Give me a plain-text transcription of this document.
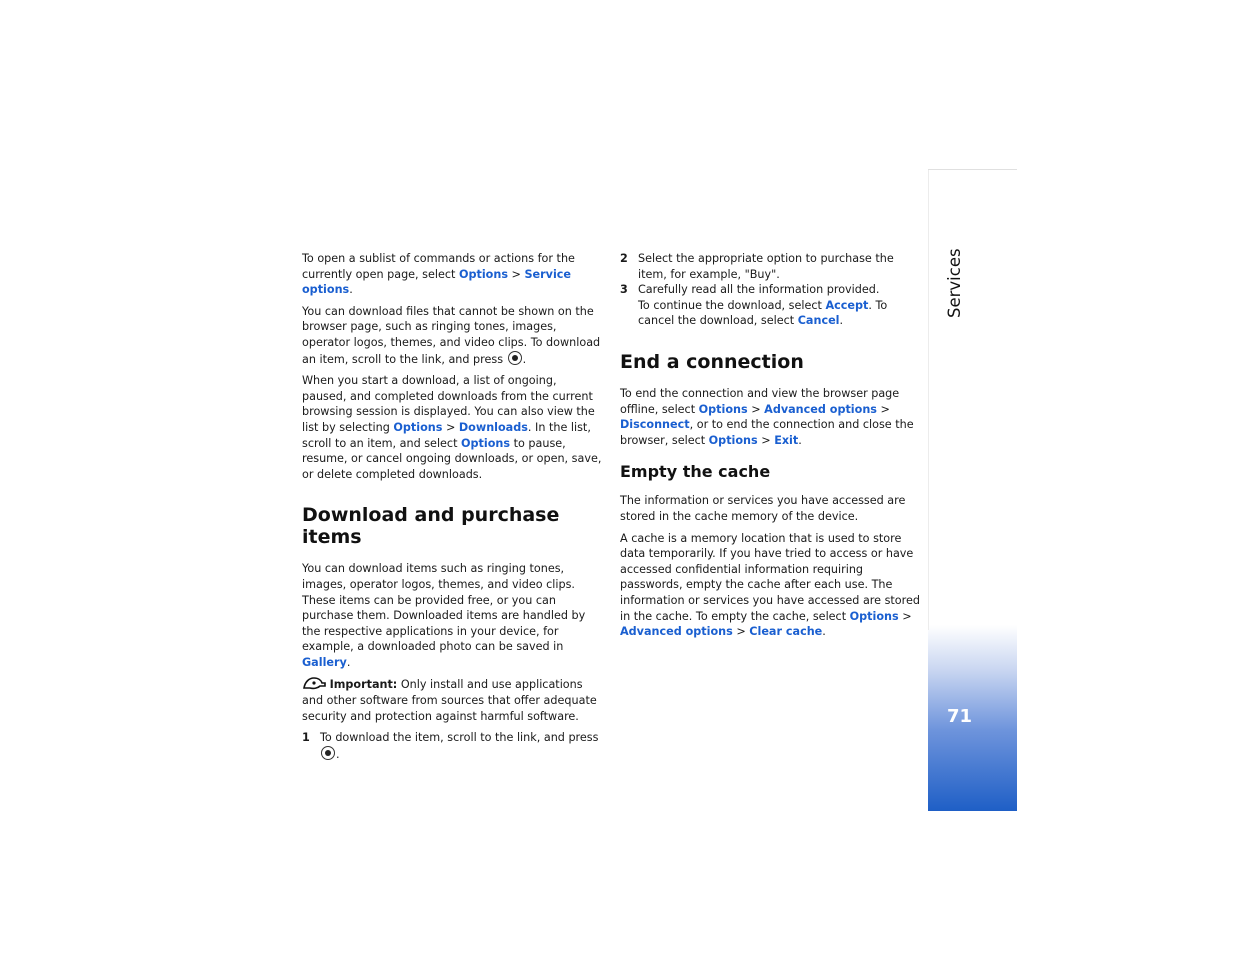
To open a sublist of commands or actions for the currently open page, select Options > Service options.

You can download files that cannot be shown on the browser page, such as ringing tones, images, operator logos, themes, and video clips. To download an item, scroll to the link, and press .

When you start a download, a list of ongoing, paused, and completed downloads from the current browsing session is displayed. You can also view the list by selecting Options > Downloads. In the list, scroll to an item, and select Options to pause, resume, or cancel ongoing downloads, or open, save, or delete completed downloads.

Download and purchase items

You can download items such as ringing tones, images, operator logos, themes, and video clips. These items can be provided free, or you can purchase them. Downloaded items are handled by the respective applications in your device, for example, a downloaded photo can be saved in Gallery.

Important: Only install and use applications and other software from sources that offer adequate security and protection against harmful software.

1 To download the item, scroll to the link, and press .
2 Select the appropriate option to purchase the item, for example, "Buy".
3 Carefully read all the information provided.
To continue the download, select Accept. To cancel the download, select Cancel.
End a connection

To end the connection and view the browser page offline, select Options > Advanced options > Disconnect, or to end the connection and close the browser, select Options > Exit.

Empty the cache

The information or services you have accessed are stored in the cache memory of the device.

A cache is a memory location that is used to store data temporarily. If you have tried to access or have accessed confidential information requiring passwords, empty the cache after each use. The information or services you have accessed are stored in the cache. To empty the cache, select Options > Advanced options > Clear cache.

Services
71
